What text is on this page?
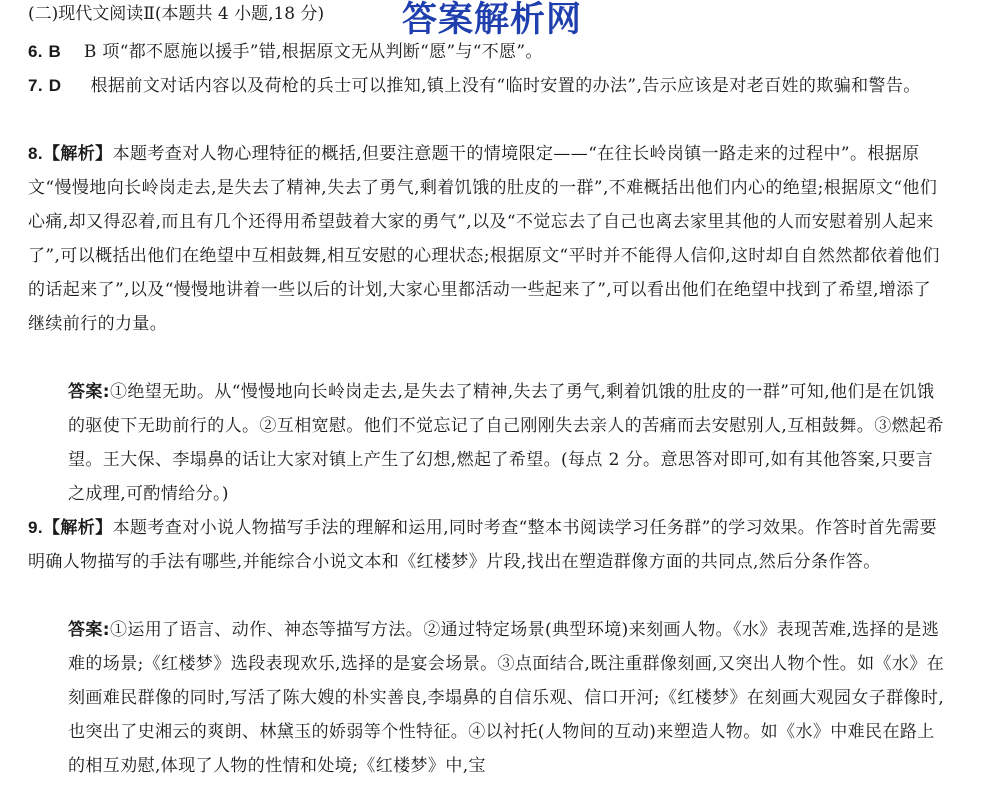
(二)现代文阅读Ⅱ(本题共 4 小题,18 分) 答案解析网
6. B B 项“都不愿施以援手”错,根据原文无从判断“愿”与“不愿”。
7. D 根据前文对话内容以及荷枪的兵士可以推知,镇上没有“临时安置的办法”,告示应该是对老百姓的欺骗和警告。
8.【解析】本题考查对人物心理特征的概括,但要注意题干的情境限定——“在往长岭岗镇一路走来的过程中”。根据原文“慢慢地向长岭岗走去,是失去了精神,失去了勇气,剩着饥饿的肚皮的一群”,不难概括出他们内心的绝望;根据原文“他们心痛,却又得忍着,而且有几个还得用希望鼓着大家的勇气”,以及“不觉忘去了自己也离去家里其他的人而安慰着别人起来了”,可以概括出他们在绝望中互相鼓舞,相互安慰的心理状态;根据原文“平时并不能得人信仰,这时却自自然然都依着他们的话起来了”,以及“慢慢地讲着一些以后的计划,大家心里都活动一些起来了”,可以看出他们在绝望中找到了希望,增添了继续前行的力量。
答案:①绝望无助。从“慢慢地向长岭岗走去,是失去了精神,失去了勇气,剩着饥饿的肚皮的一群”可知,他们是在饥饿的驱使下无助前行的人。②互相宽慰。他们不觉忘记了自己刚刚失去亲人的苦痛而去安慰别人,互相鼓舞。③燃起希望。王大保、李塌鼻的话让大家对镇上产生了幻想,燃起了希望。(每点 2 分。意思答对即可,如有其他答案,只要言之成理,可酌情给分。)
9.【解析】本题考查对小说人物描写手法的理解和运用,同时考查“整本书阅读学习任务群”的学习效果。作答时首先需要明确人物描写的手法有哪些,并能综合小说文本和《红楼梦》片段,找出在塑造群像方面的共同点,然后分条作答。
答案:①运用了语言、动作、神态等描写方法。②通过特定场景(典型环境)来刻画人物。《水》表现苦难,选择的是逃难的场景;《红楼梦》选段表现欢乐,选择的是宴会场景。③点面结合,既注重群像刻画,又突出人物个性。如《水》在刻画难民群像的同时,写活了陈大嫂的朴实善良,李塌鼻的自信乐观、信口开河;《红楼梦》在刻画大观园女子群像时,也突出了史湘云的爽朗、林黛玉的娇弱等个性特征。④以衬托(人物间的互动)来塑造人物。如《水》中难民在路上的相互劝慰,体现了人物的性情和处境;《红楼梦》中,宝
